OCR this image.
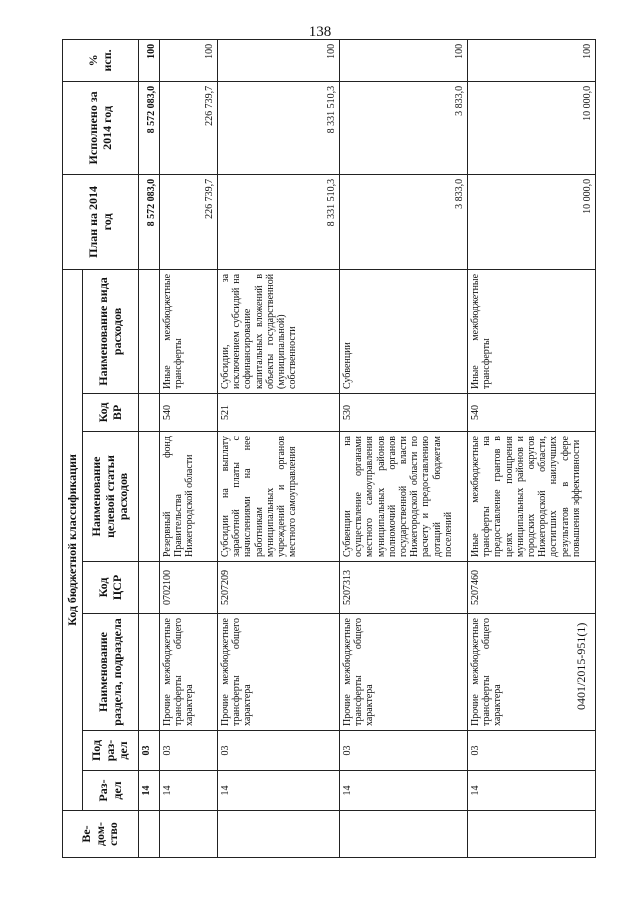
138
0401/2015-951(1)
Ве-дом-ство	Код бюджетной классификации							План на 2014 год	Исполнено за 2014 год	% исп.
	Раз-дел	Под раз-дел	Наименование раздела, подраздела	Код ЦСР	Наименование целевой статьи расходов	Код ВР	Наименование вида расходов			
	14	03						8 572 083,0	8 572 083,0	100
	14	03	Прочие межбюджетные трансферты общего характера	0702100	Резервный фонд Правительства Нижегородской области	540	Иные межбюджетные трансферты	226 739,7	226 739,7	100
	14	03	Прочие межбюджетные трансферты общего характера	5207209	Субсидии на выплату заработной платы с начислениями на нее работникам муниципальных учреждений и органов местного самоуправления	521	Субсидии, за исключением субсидий на софинансирование капитальных вложений в объекты государственной (муниципальной) собственности	8 331 510,3	8 331 510,3	100
	14	03	Прочие межбюджетные трансферты общего характера	5207313	Субвенции на осуществление органами местного самоуправления муниципальных районов полномочий органов государственной власти Нижегородской области по расчету и предоставлению дотаций бюджетам поселений	530	Субвенции	3 833,0	3 833,0	100
	14	03	Прочие межбюджетные трансферты общего характера	5207460	Иные межбюджетные трансферты на предоставление грантов в целях поощрения муниципальных районов и городских округов Нижегородской области, достигших наилучших результатов в сфере повышения эффективности	540	Иные межбюджетные трансферты	10 000,0	10 000,0	100
